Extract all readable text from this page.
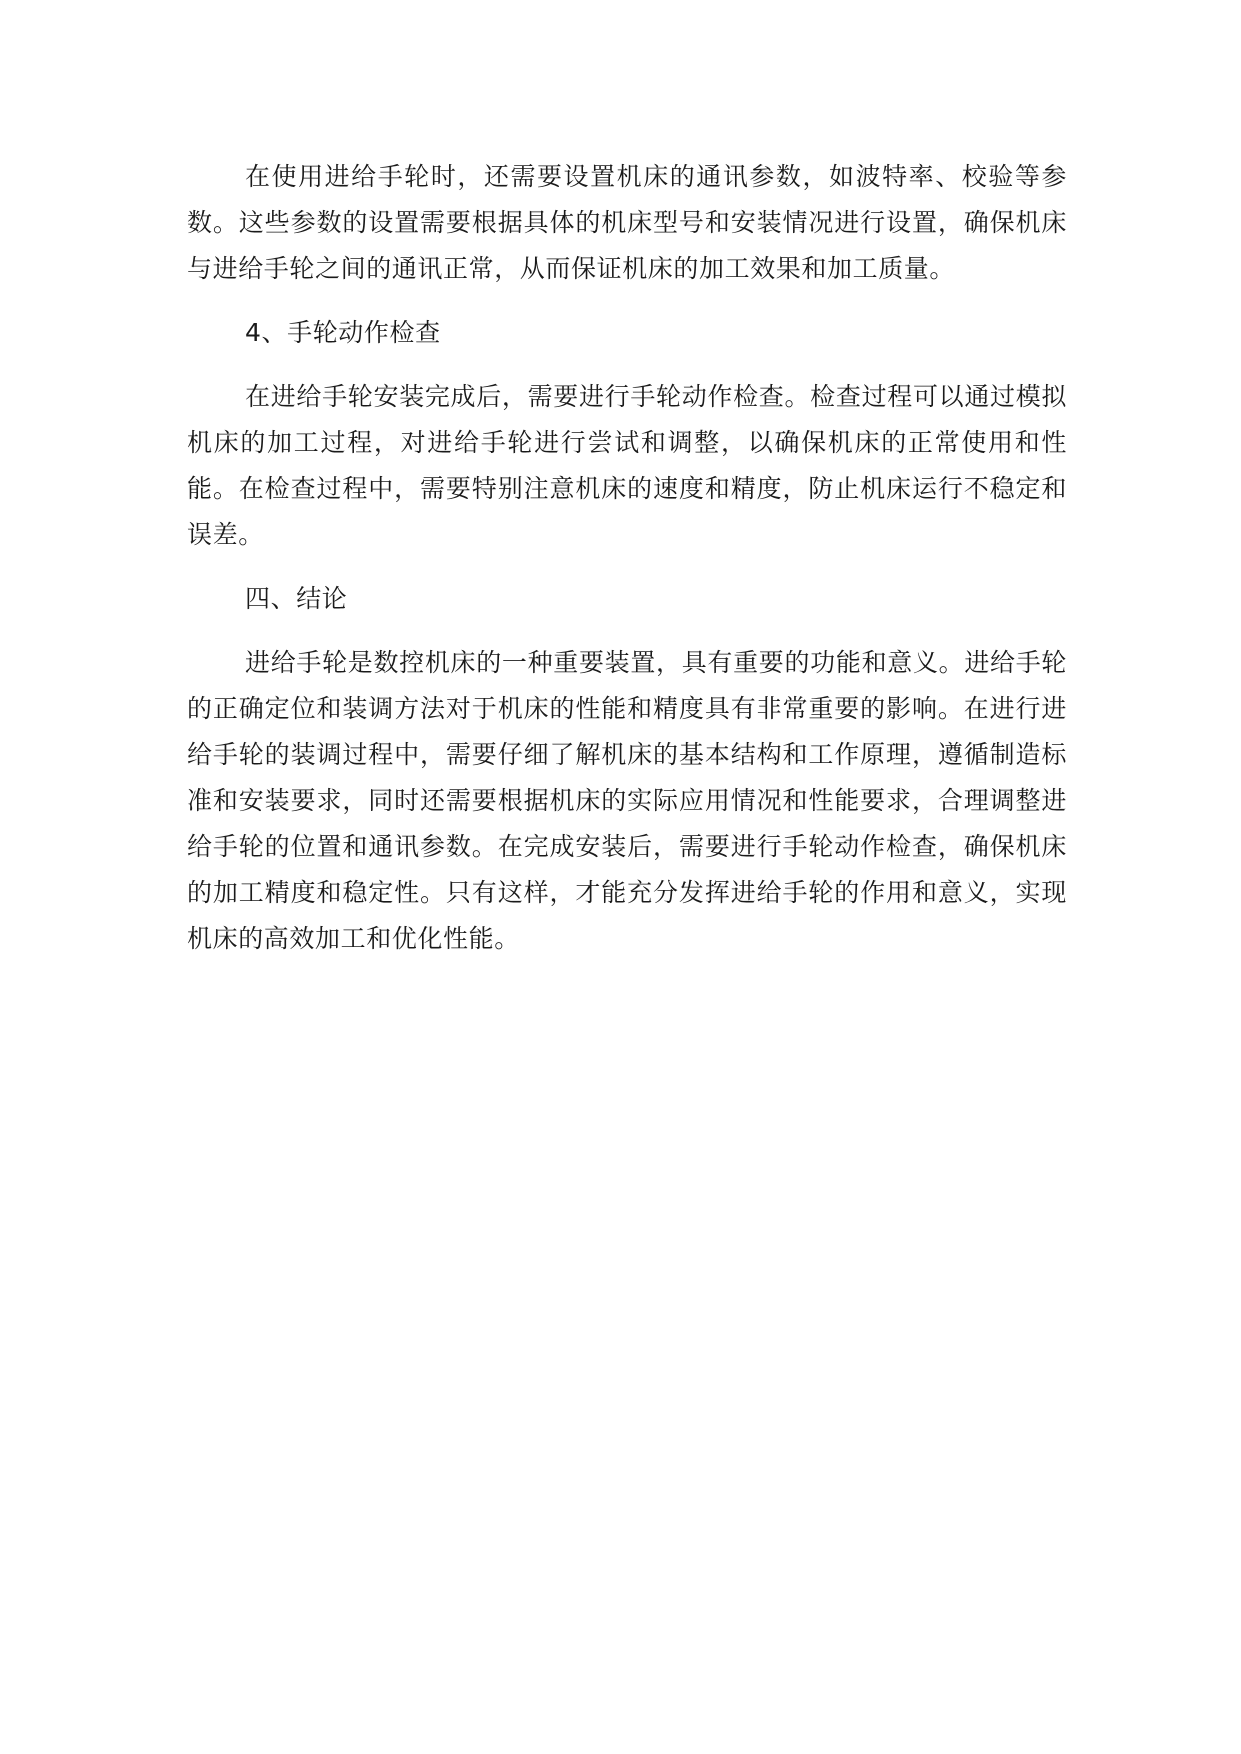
在使用进给手轮时，还需要设置机床的通讯参数，如波特率、校验等参数。这些参数的设置需要根据具体的机床型号和安装情况进行设置，确保机床与进给手轮之间的通讯正常，从而保证机床的加工效果和加工质量。

4、手轮动作检查

在进给手轮安装完成后，需要进行手轮动作检查。检查过程可以通过模拟机床的加工过程，对进给手轮进行尝试和调整，以确保机床的正常使用和性能。在检查过程中，需要特别注意机床的速度和精度，防止机床运行不稳定和误差。

四、结论

进给手轮是数控机床的一种重要装置，具有重要的功能和意义。进给手轮的正确定位和装调方法对于机床的性能和精度具有非常重要的影响。在进行进给手轮的装调过程中，需要仔细了解机床的基本结构和工作原理，遵循制造标准和安装要求，同时还需要根据机床的实际应用情况和性能要求，合理调整进给手轮的位置和通讯参数。在完成安装后，需要进行手轮动作检查，确保机床的加工精度和稳定性。只有这样，才能充分发挥进给手轮的作用和意义，实现机床的高效加工和优化性能。
